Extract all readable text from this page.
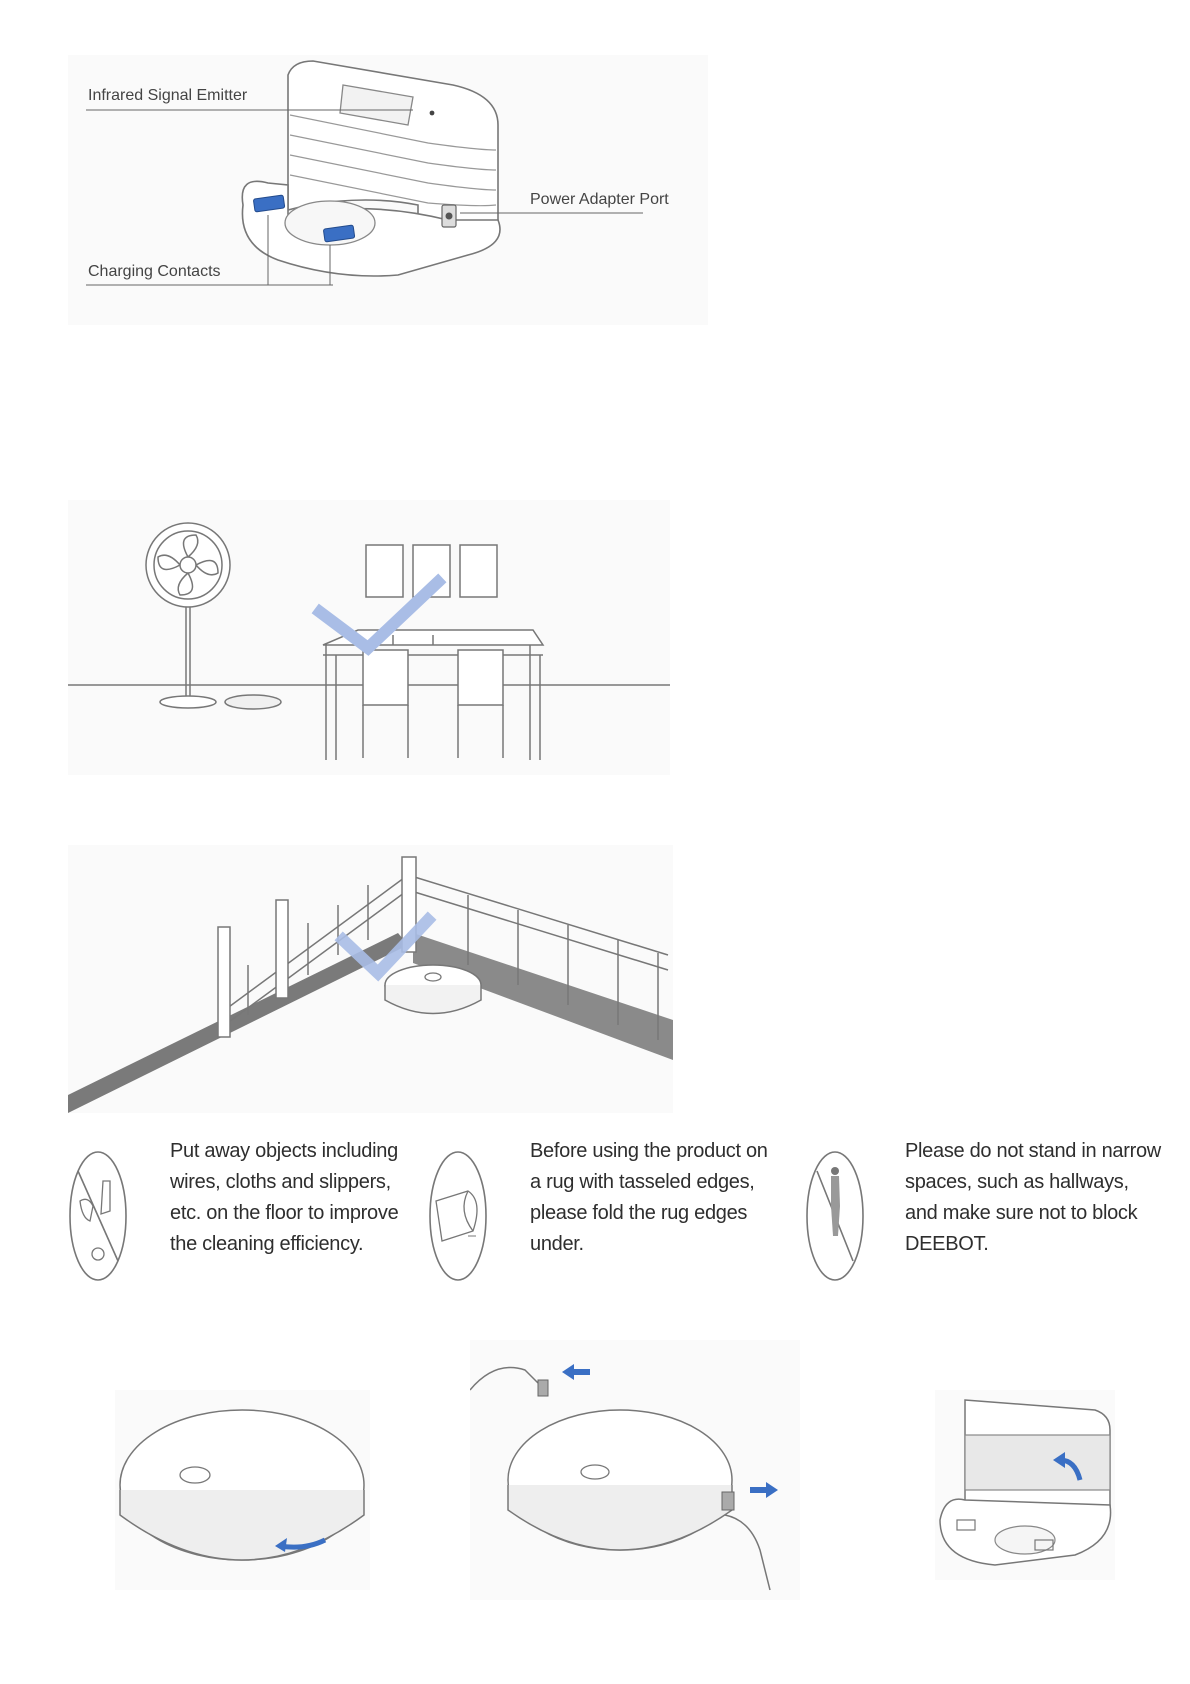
Infrared Signal Emitter
Power Adapter Port
Charging Contacts
Put away objects including
wires, cloths and slippers,
etc. on the floor to improve
the cleaning efficiency.
Before using the product on
a rug with tasseled edges,
please fold the rug edges
under.
Please do not stand in narrow
spaces, such as hallways,
and make sure not to block
DEEBOT.
